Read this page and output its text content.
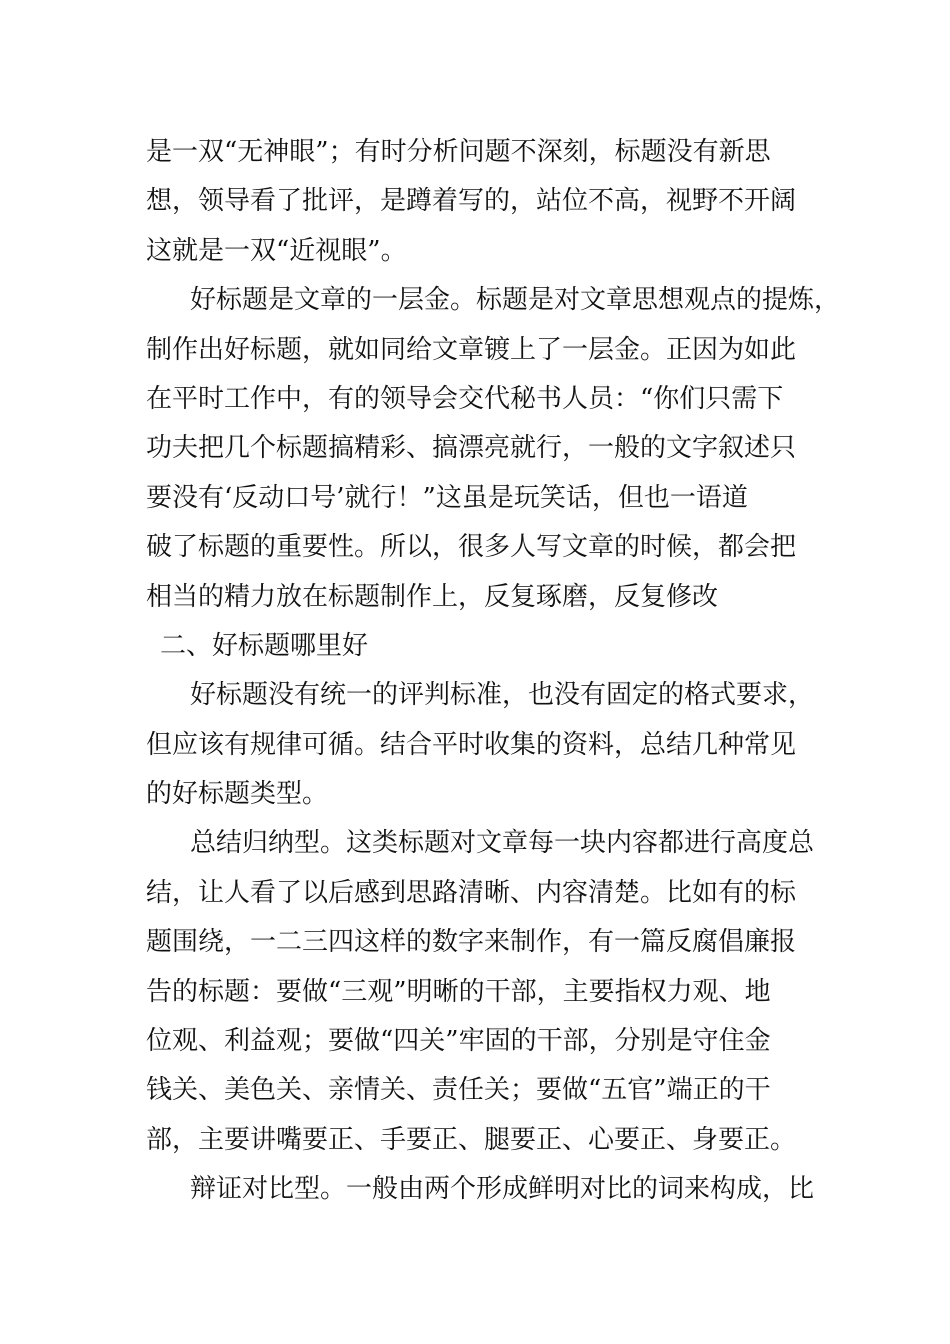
是一双“无神眼”；有时分析问题不深刻，标题没有新思
想，领导看了批评，是蹲着写的，站位不高，视野不开阔
这就是一双“近视眼”。
好标题是文章的一层金。标题是对文章思想观点的提炼，
制作出好标题，就如同给文章镀上了一层金。正因为如此
在平时工作中，有的领导会交代秘书人员：“你们只需下
功夫把几个标题搞精彩、搞漂亮就行，一般的文字叙述只
要没有‘反动口号’就行！”这虽是玩笑话，但也一语道
破了标题的重要性。所以，很多人写文章的时候，都会把
相当的精力放在标题制作上，反复琢磨，反复修改
二、好标题哪里好
好标题没有统一的评判标准，也没有固定的格式要求，
但应该有规律可循。结合平时收集的资料，总结几种常见
的好标题类型。
总结归纳型。这类标题对文章每一块内容都进行高度总
结，让人看了以后感到思路清晰、内容清楚。比如有的标
题围绕，一二三四这样的数字来制作，有一篇反腐倡廉报
告的标题：要做“三观”明晰的干部，主要指权力观、地
位观、利益观；要做“四关”牢固的干部，分别是守住金
钱关、美色关、亲情关、责任关；要做“五官”端正的干
部，主要讲嘴要正、手要正、腿要正、心要正、身要正。
辩证对比型。一般由两个形成鲜明对比的词来构成，比
